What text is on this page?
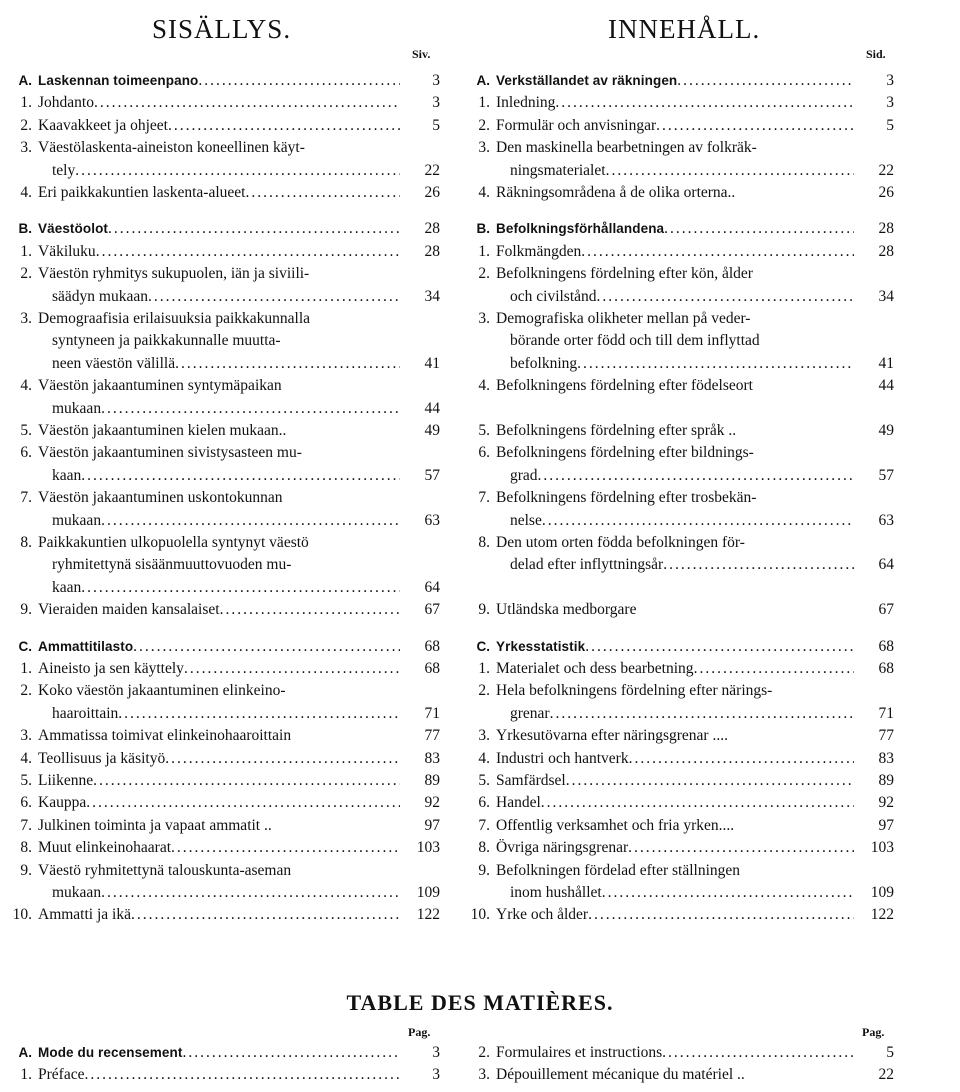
SISÄLLYS.	INNEHÅLL.
Siv.	Sid.
A. Laskennan toimeenpano .....	3
1. Johdanto .....	3
2. Kaavakkeet ja ohjeet .....	5
3. Väestölaskenta-aineiston koneellinen käyt-
tely .....	22
4. Eri paikkakuntien laskenta-alueet .....	26
B. Väestöolot .....	28
1. Väkiluku .....	28
2. Väestön ryhmitys sukupuolen, iän ja siviili-
säädyn mukaan .....	34
3. Demograafisia erilaisuuksia paikkakunnalla
syntyneen ja paikkakunnalle muutta-
neen väestön välillä .....	41
4. Väestön jakaantuminen syntymäpaikan
mukaan .....	44
5. Väestön jakaantuminen kielen mukaan..	49
6. Väestön jakaantuminen sivistysasteen mu-
kaan .....	57
7. Väestön jakaantuminen uskontokunnan
mukaan .....	63
8. Paikkakuntien ulkopuolella syntynyt väestö
ryhmitettynä sisäänmuuttovuoden mu-
kaan .....	64
9. Vieraiden maiden kansalaiset .....	67
C. Ammattitilasto .....	68
1. Aineisto ja sen käyttely .....	68
2. Koko väestön jakaantuminen elinkeino-
haaroittain .....	71
3. Ammatissa toimivat elinkeinohaaroittain	77
4. Teollisuus ja käsityö .....	83
5. Liikenne .....	89
6. Kauppa .....	92
7. Julkinen toiminta ja vapaat ammatit ..	97
8. Muut elinkeinohaarat .....	103
9. Väestö ryhmitettynä talouskunta-aseman
mukaan .....	109
10. Ammatti ja ikä .....	122
A. Verkställandet av räkningen .....	3
1. Inledning .....	3
2. Formulär och anvisningar .....	5
3. Den maskinella bearbetningen av folkräk-
ningsmaterialet .....	22
4. Räkningsområdena å de olika orterna..	26
B. Befolkningsförhållandena .....	28
1. Folkmängden .....	28
2. Befolkningens fördelning efter kön, ålder
och civilstånd .....	34
3. Demografiska olikheter mellan på veder-
börande orter född och till dem inflyttad
befolkning .....	41
4. Befolkningens fördelning efter födelseort	44
5. Befolkningens fördelning efter språk ..	49
6. Befolkningens fördelning efter bildnings-
grad .....	57
7. Befolkningens fördelning efter trosbekän-
nelse .....	63
8. Den utom orten födda befolkningen för-
delad efter inflyttningsår .....	64
9. Utländska medborgare	67
C. Yrkesstatistik .....	68
1. Materialet och dess bearbetning .....	68
2. Hela befolkningens fördelning efter närings-
grenar .....	71
3. Yrkesutövarna efter näringsgrenar ....	77
4. Industri och hantverk .....	83
5. Samfärdsel .....	89
6. Handel .....	92
7. Offentlig verksamhet och fria yrken....	97
8. Övriga näringsgrenar .....	103
9. Befolkningen fördelad efter ställningen
inom hushållet .....	109
10. Yrke och ålder .....	122
TABLE DES MATIÈRES.
Pag.	Pag.
A. Mode du recensement .....	3
1. Préface .....	3
2. Formulaires et instructions .....	5
3. Dépouillement mécanique du matériel ..	22
